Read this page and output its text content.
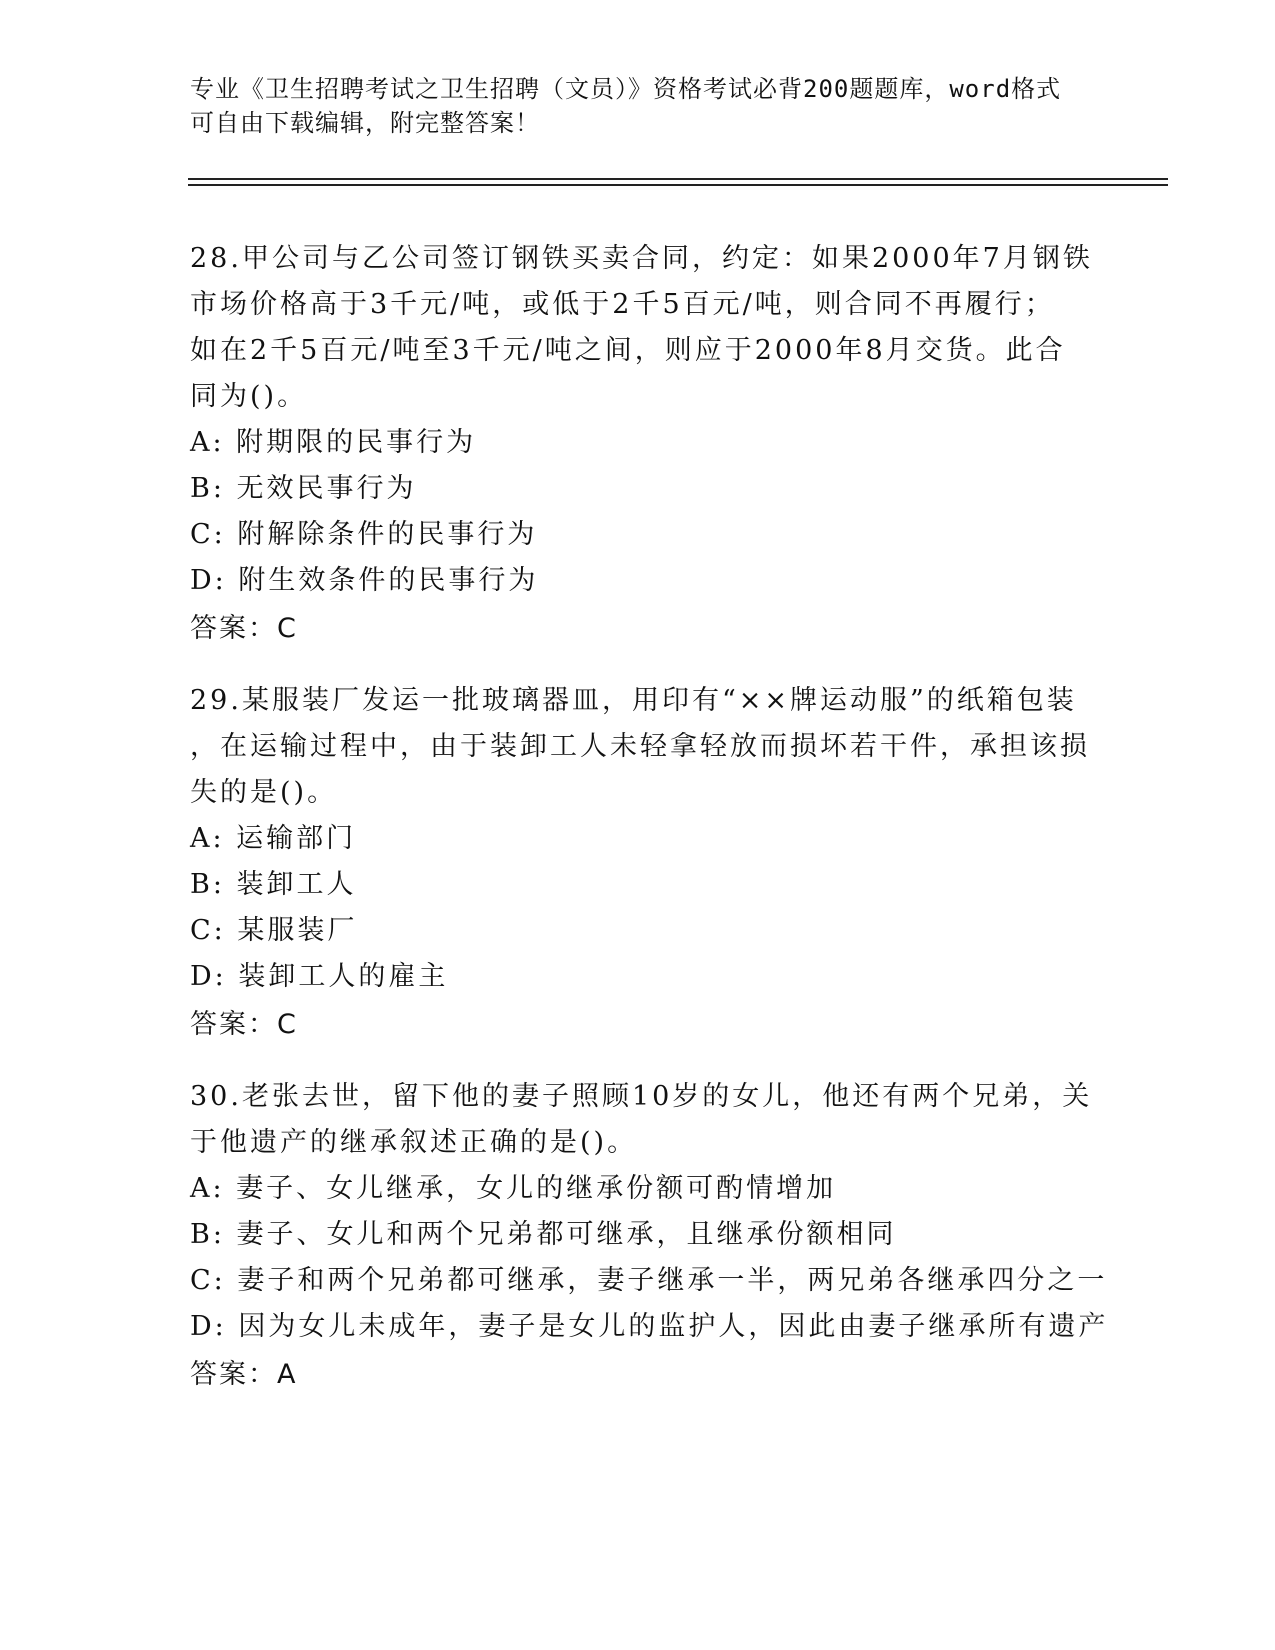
专业《卫生招聘考试之卫生招聘（文员）》资格考试必背200题题库，word格式
可自由下载编辑，附完整答案！
28.甲公司与乙公司签订钢铁买卖合同，约定：如果2000年7月钢铁
市场价格高于3千元/吨，或低于2千5百元/吨，则合同不再履行；
如在2千5百元/吨至3千元/吨之间，则应于2000年8月交货。此合
同为()。
A: 附期限的民事行为
B: 无效民事行为
C: 附解除条件的民事行为
D: 附生效条件的民事行为
答案：C
29.某服装厂发运一批玻璃器皿，用印有“××牌运动服”的纸箱包装
，在运输过程中，由于装卸工人未轻拿轻放而损坏若干件，承担该损
失的是()。
A: 运输部门
B: 装卸工人
C: 某服装厂
D: 装卸工人的雇主
答案：C
30.老张去世，留下他的妻子照顾10岁的女儿，他还有两个兄弟，关
于他遗产的继承叙述正确的是()。
A: 妻子、女儿继承，女儿的继承份额可酌情增加
B: 妻子、女儿和两个兄弟都可继承，且继承份额相同
C: 妻子和两个兄弟都可继承，妻子继承一半，两兄弟各继承四分之一
D: 因为女儿未成年，妻子是女儿的监护人，因此由妻子继承所有遗产
答案：A
